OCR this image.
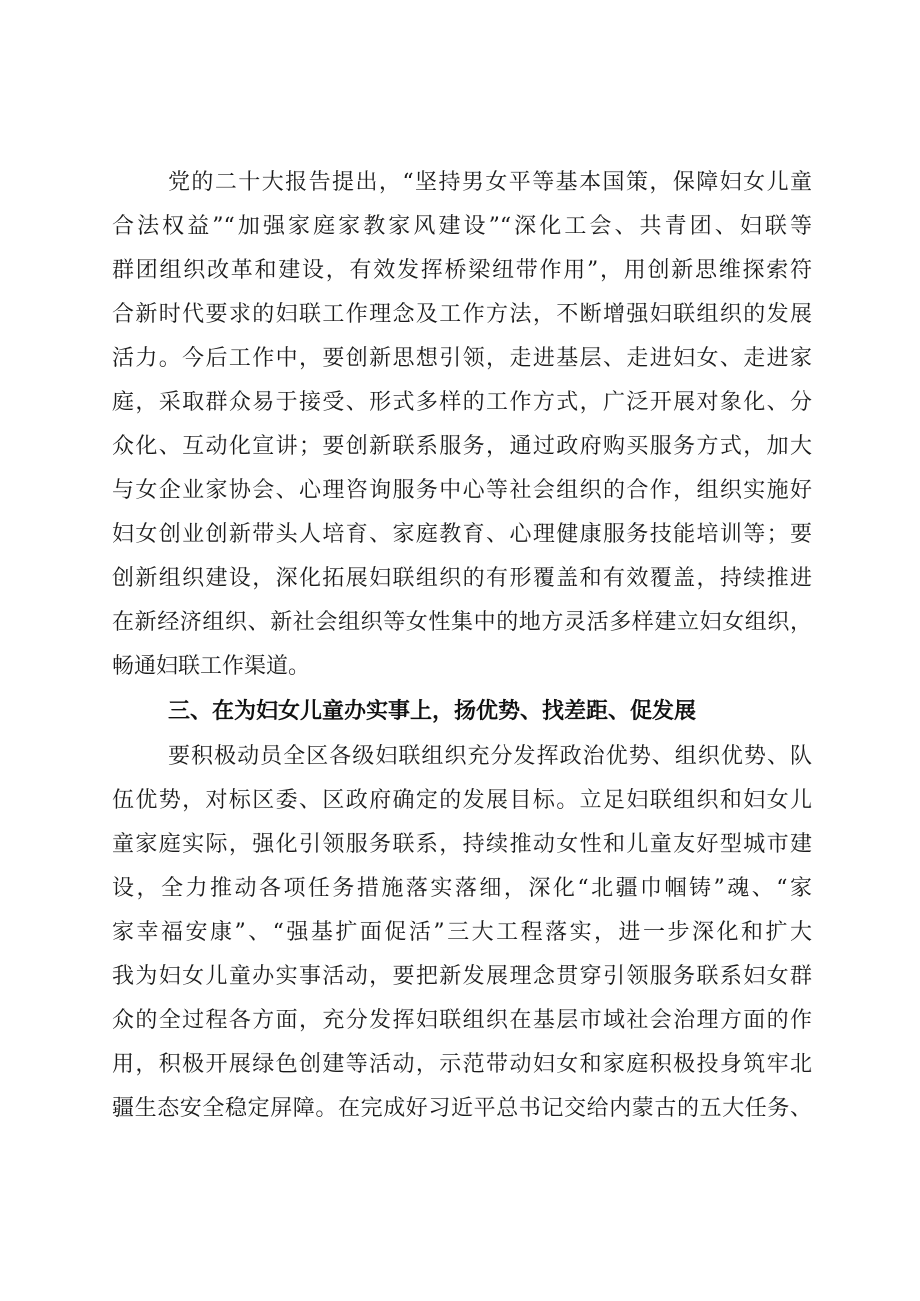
党的二十大报告提出，“坚持男女平等基本国策，保障妇女儿童

合法权益”“加强家庭家教家风建设”“深化工会、共青团、妇联等

群团组织改革和建设，有效发挥桥梁纽带作用”，用创新思维探索符

合新时代要求的妇联工作理念及工作方法，不断增强妇联组织的发展

活力。今后工作中，要创新思想引领，走进基层、走进妇女、走进家

庭，采取群众易于接受、形式多样的工作方式，广泛开展对象化、分

众化、互动化宣讲；要创新联系服务，通过政府购买服务方式，加大

与女企业家协会、心理咨询服务中心等社会组织的合作，组织实施好

妇女创业创新带头人培育、家庭教育、心理健康服务技能培训等；要

创新组织建设，深化拓展妇联组织的有形覆盖和有效覆盖，持续推进

在新经济组织、新社会组织等女性集中的地方灵活多样建立妇女组织，

畅通妇联工作渠道。

三、在为妇女儿童办实事上，扬优势、找差距、促发展

要积极动员全区各级妇联组织充分发挥政治优势、组织优势、队

伍优势，对标区委、区政府确定的发展目标。立足妇联组织和妇女儿

童家庭实际，强化引领服务联系，持续推动女性和儿童友好型城市建

设，全力推动各项任务措施落实落细，深化“北疆巾帼铸”魂、“家

家幸福安康”、“强基扩面促活”三大工程落实，进一步深化和扩大

我为妇女儿童办实事活动，要把新发展理念贯穿引领服务联系妇女群

众的全过程各方面，充分发挥妇联组织在基层市域社会治理方面的作

用，积极开展绿色创建等活动，示范带动妇女和家庭积极投身筑牢北

疆生态安全稳定屏障。在完成好习近平总书记交给内蒙古的五大任务、
